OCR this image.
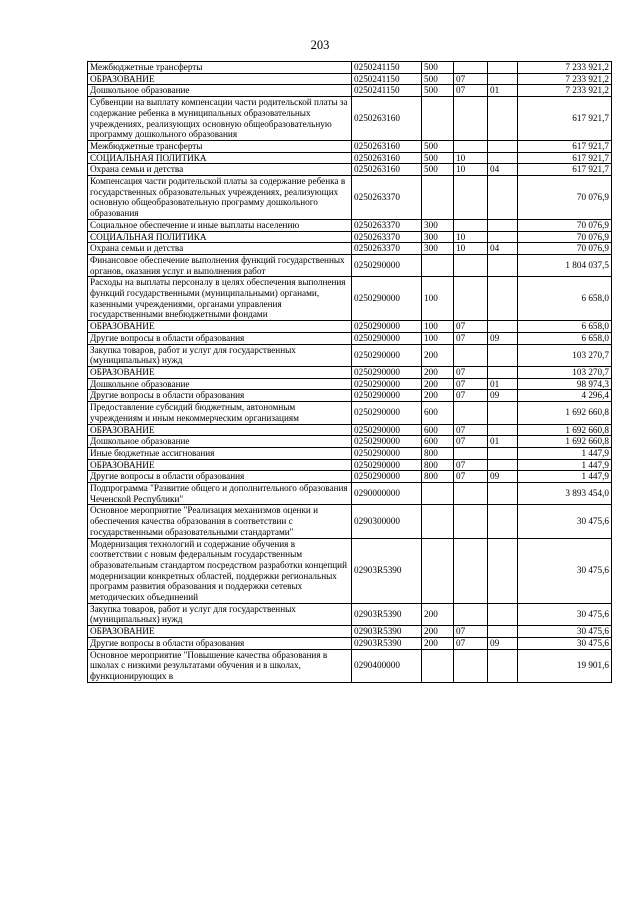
203
Межбюджетные трансферты	0250241150	500			7 233 921,2
ОБРАЗОВАНИЕ	0250241150	500	07		7 233 921,2
Дошкольное образование	0250241150	500	07	01	7 233 921,2
Субвенции на выплату компенсации части родительской платы за содержание ребенка в муниципальных образовательных учреждениях, реализующих основную общеобразовательную программу дошкольного образования	0250263160				617 921,7
Межбюджетные трансферты	0250263160	500			617 921,7
СОЦИАЛЬНАЯ ПОЛИТИКА	0250263160	500	10		617 921,7
Охрана семьи и детства	0250263160	500	10	04	617 921,7
Компенсация части родительской платы за содержание ребенка в государственных образовательных учреждениях, реализующих основную общеобразовательную программу дошкольного образования	0250263370				70 076,9
Социальное обеспечение и иные выплаты населению	0250263370	300			70 076,9
СОЦИАЛЬНАЯ ПОЛИТИКА	0250263370	300	10		70 076,9
Охрана семьи и детства	0250263370	300	10	04	70 076,9
Финансовое обеспечение выполнения функций государственных органов, оказания услуг и выполнения работ	0250290000				1 804 037,5
Расходы на выплаты персоналу в целях обеспечения выполнения функций государственными (муниципальными) органами, казенными учреждениями, органами управления государственными внебюджетными фондами	0250290000	100			6 658,0
ОБРАЗОВАНИЕ	0250290000	100	07		6 658,0
Другие вопросы в области образования	0250290000	100	07	09	6 658,0
Закупка товаров, работ и услуг для государственных (муниципальных) нужд	0250290000	200			103 270,7
ОБРАЗОВАНИЕ	0250290000	200	07		103 270,7
Дошкольное образование	0250290000	200	07	01	98 974,3
Другие вопросы в области образования	0250290000	200	07	09	4 296,4
Предоставление субсидий бюджетным, автономным учреждениям и иным некоммерческим организациям	0250290000	600			1 692 660,8
ОБРАЗОВАНИЕ	0250290000	600	07		1 692 660,8
Дошкольное образование	0250290000	600	07	01	1 692 660,8
Иные бюджетные ассигнования	0250290000	800			1 447,9
ОБРАЗОВАНИЕ	0250290000	800	07		1 447,9
Другие вопросы в области образования	0250290000	800	07	09	1 447,9
Подпрограмма "Развитие общего и дополнительного образования Чеченской Республики"	0290000000				3 893 454,0
Основное мероприятие "Реализация механизмов оценки и обеспечения качества образования в соответствии с государственными образовательными стандартами"	0290300000				30 475,6
Модернизация технологий и содержание обучения в соответствии с новым федеральным государственным образовательным стандартом посредством разработки концепций модернизации конкретных областей, поддержки региональных программ развития образования и поддержки сетевых методических объединений	02903R5390				30 475,6
Закупка товаров, работ и услуг для государственных (муниципальных) нужд	02903R5390	200			30 475,6
ОБРАЗОВАНИЕ	02903R5390	200	07		30 475,6
Другие вопросы в области образования	02903R5390	200	07	09	30 475,6
Основное мероприятие "Повышение качества образования в школах с низкими результатами обучения и в школах, функционирующих в	0290400000				19 901,6
